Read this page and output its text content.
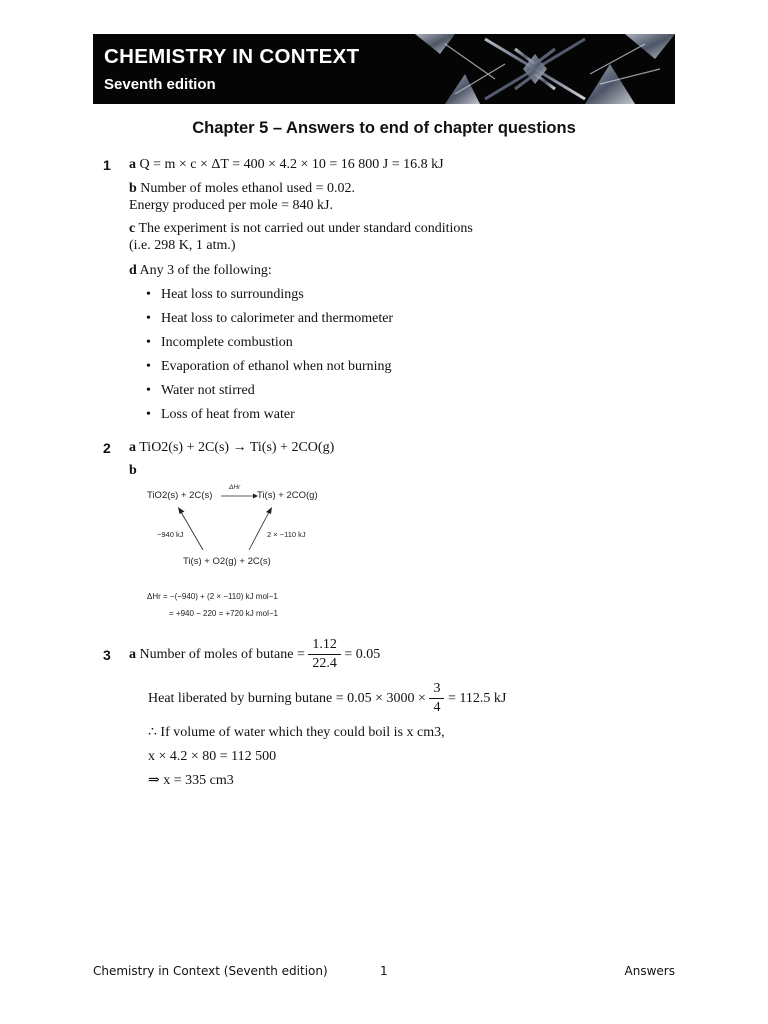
CHEMISTRY IN CONTEXT
Seventh edition
Chapter 5 – Answers to end of chapter questions
1 a Q = m × c × ΔT = 400 × 4.2 × 10 = 16 800 J = 16.8 kJ
b Number of moles ethanol used = 0.02.
Energy produced per mole = 840 kJ.
c The experiment is not carried out under standard conditions
(i.e. 298 K, 1 atm.)
d Any 3 of the following:
• Heat loss to surroundings
• Heat loss to calorimeter and thermometer
• Incomplete combustion
• Evaporation of ethanol when not burning
• Water not stirred
• Loss of heat from water
2 a TiO2(s) + 2C(s) → Ti(s) + 2CO(g)
b
TiO2(s) + 2C(s)
ΔHr
Ti(s) + 2CO(g)
−940 kJ	2 × −110 kJ
Ti(s) + O2(g) + 2C(s)
ΔHr = −(−940) + (2 × −110) kJ mol−1
= +940 − 220 = +720 kJ mol−1
3 a Number of moles of $butane = \frac{1.12}{22.4} = 0.05$
Heat liberated by burning $butane = 0.05 \times 3000 \times \frac{3}{4} = 112.5$ kJ
∴ If volume of water which they could boil is x cm3,
x × 4.2 × 80 = 112 500
⇒ x = 335 cm3
Chemistry in Context (Seventh edition)	1	Answers
